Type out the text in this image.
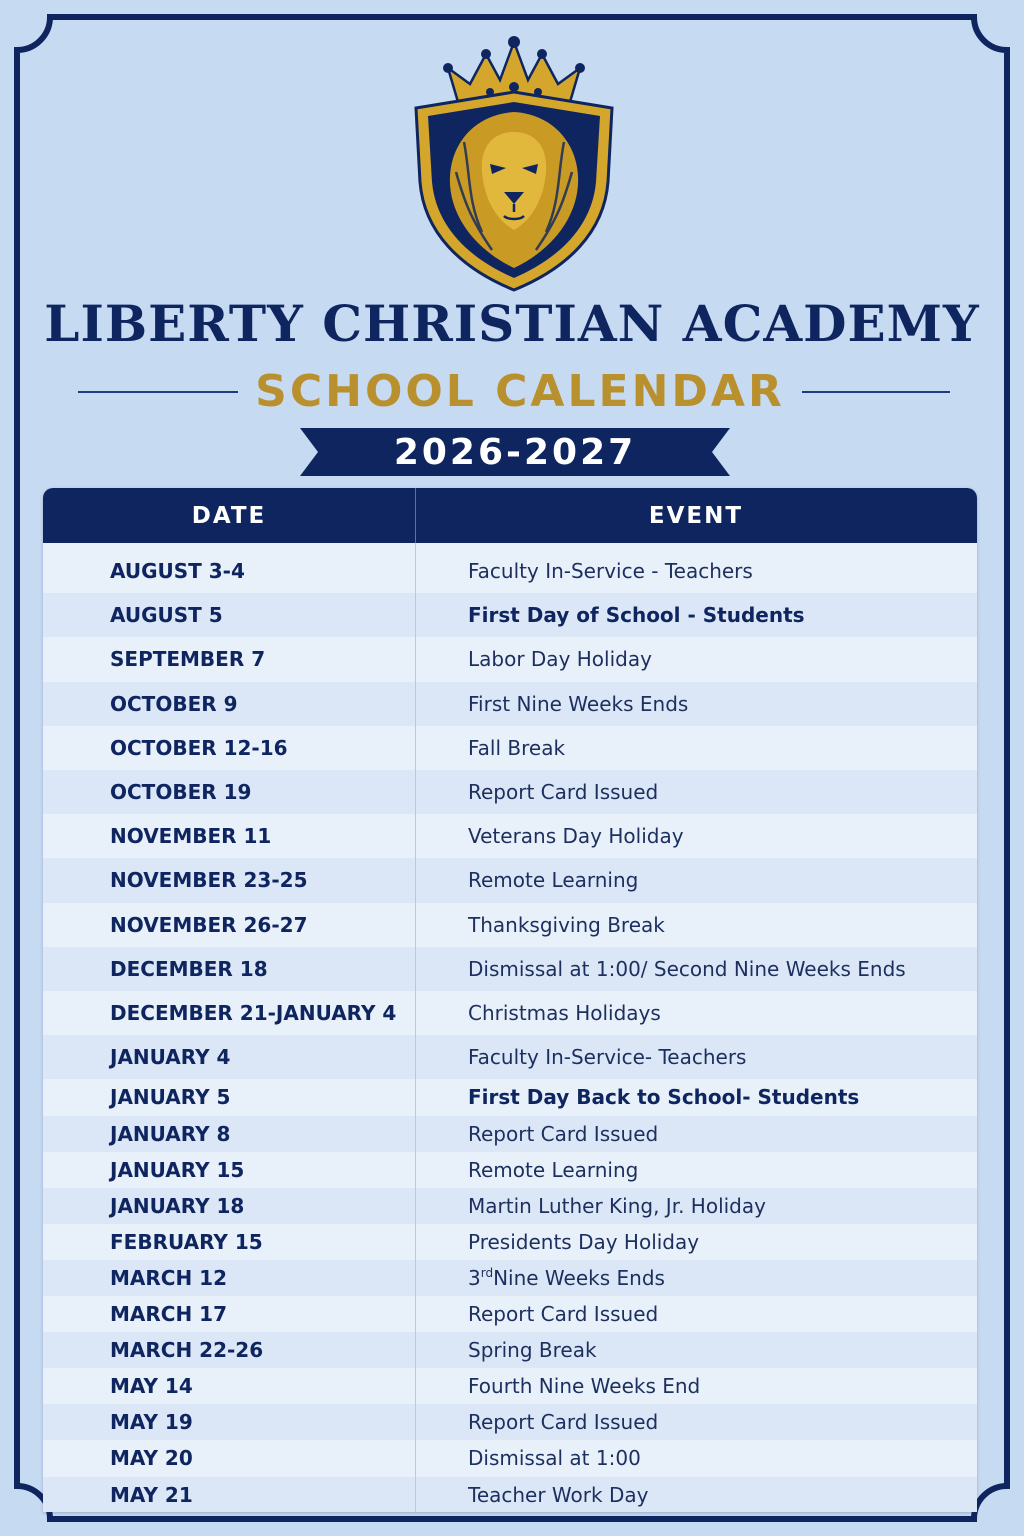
LIBERTY CHRISTIAN ACADEMY
SCHOOL CALENDAR
2026-2027
DATE	EVENT
AUGUST 3-4	Faculty In-Service - Teachers
AUGUST 5	First Day of School - Students
SEPTEMBER 7	Labor Day Holiday
OCTOBER 9	First Nine Weeks Ends
OCTOBER 12-16	Fall Break
OCTOBER 19	Report Card Issued
NOVEMBER 11	Veterans Day Holiday
NOVEMBER 23-25	Remote Learning
NOVEMBER 26-27	Thanksgiving Break
DECEMBER 18	Dismissal at 1:00/ Second Nine Weeks Ends
DECEMBER 21-JANUARY 4	Christmas Holidays
JANUARY 4	Faculty In-Service- Teachers
JANUARY 5	First Day Back to School- Students
JANUARY 8	Report Card Issued
JANUARY 15	Remote Learning
JANUARY 18	Martin Luther King, Jr. Holiday
FEBRUARY 15	Presidents Day Holiday
MARCH 12	3rd Nine Weeks Ends
MARCH 17	Report Card Issued
MARCH 22-26	Spring Break
MAY 14	Fourth Nine Weeks End
MAY 19	Report Card Issued
MAY 20	Dismissal at 1:00
MAY 21	Teacher Work Day
